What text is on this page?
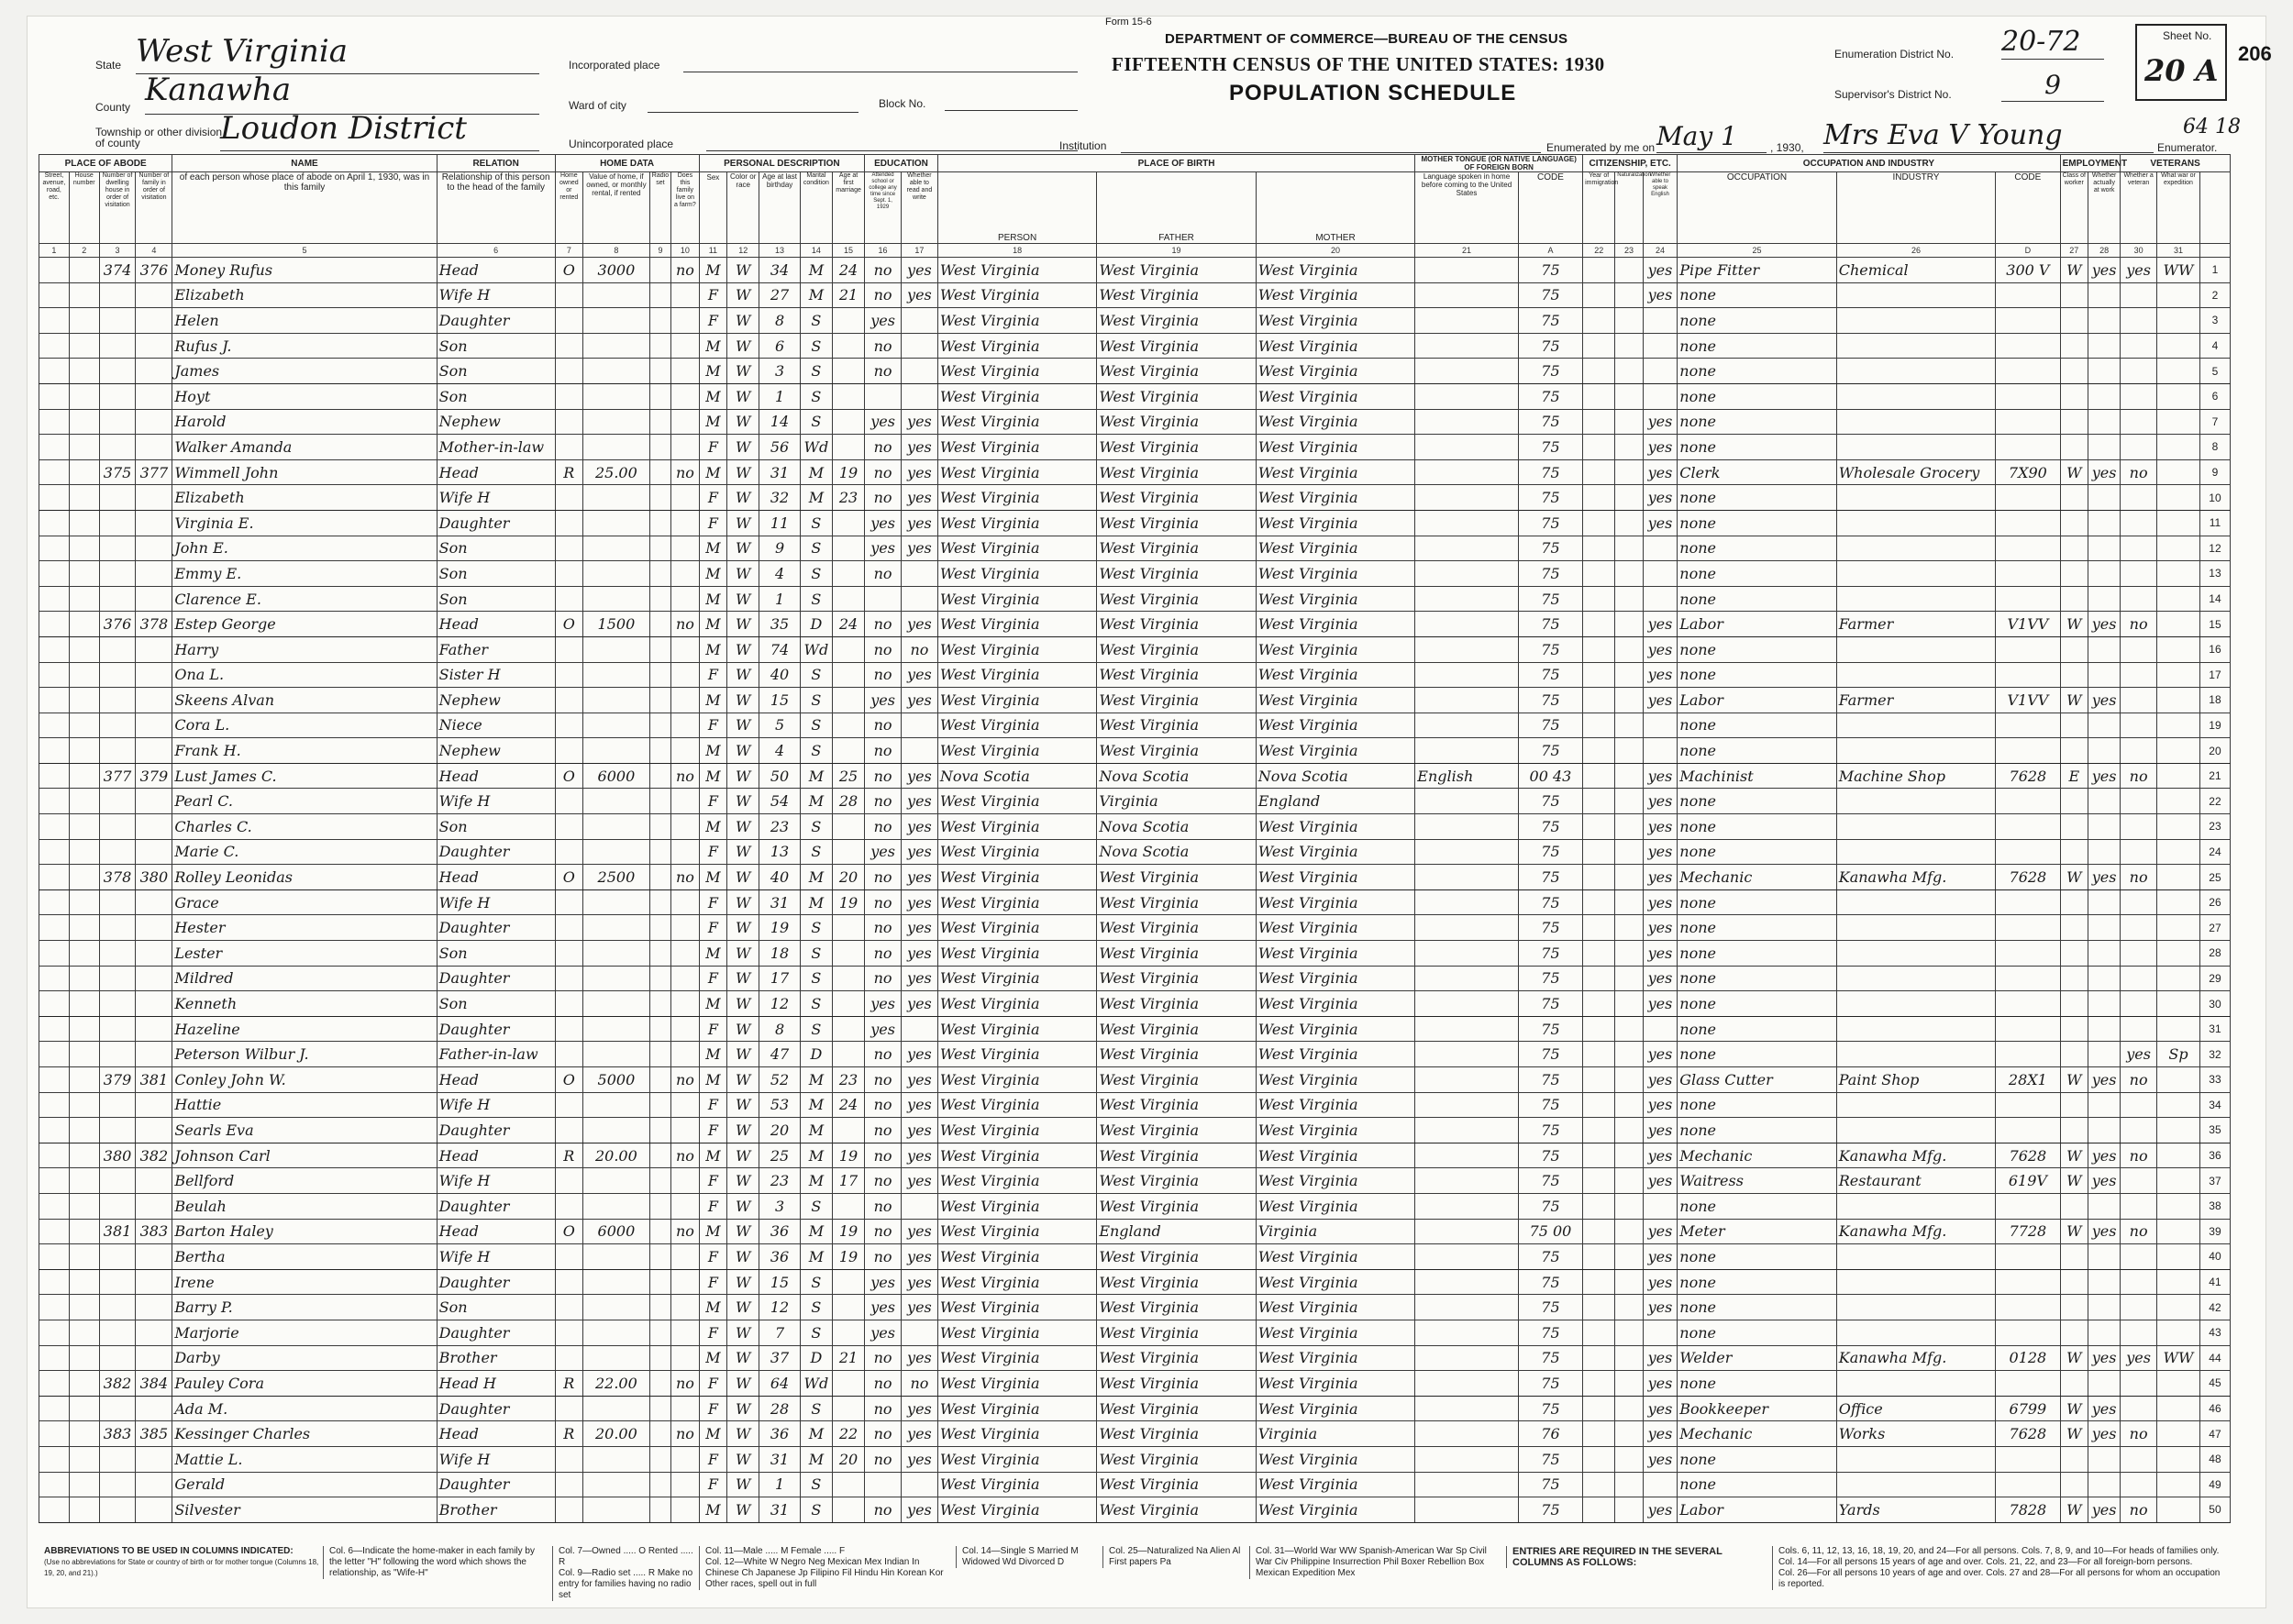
Form 15-6
DEPARTMENT OF COMMERCE—BUREAU OF THE CENSUS
FIFTEENTH CENSUS OF THE UNITED STATES: 1930
POPULATION SCHEDULE
206
State West Virginia
County Kanawha
Township or other division of county	Loudon District
Incorporated place
Ward of city	Block No.
Unincorporated place	Institution
Enumeration District No. 20-72
Supervisor's District No.	9
Sheet No.
20 A
Enumerated by me on May 1	, 1930, Mrs Eva V Young	Enumerator.
64 18
PLACE OF ABODE				NAME	RELATION	HOME DATA				PERSONAL DESCRIPTION					EDUCATION		PLACE OF BIRTH			MOTHER TONGUE (OR NATIVE LANGUAGE) OF FOREIGN BORN		CITIZENSHIP, ETC.			OCCUPATION AND INDUSTRY			EMPLOYMENT		VETERANS		
Street, avenue, road, etc.	House number	Number of dwelling house in order of visitation	Number of family in order of visitation	of each person whose place of abode on April 1, 1930, was in this family	Relationship of this person to the head of the family	Home owned or rented	Value of home, if owned, or monthly rental, if rented	Radio set	Does this family live on a farm?	Sex	Color or race	Age at last birthday	Marital condition	Age at first marriage	Attended school or college any time since Sept. 1, 1929	Whether able to read and write	PERSON	FATHER	MOTHER	Language spoken in home before coming to the United States	CODE	Year of immigration	Naturalization	Whether able to speak English	OCCUPATION	INDUSTRY	CODE	Class of worker	Whether actually at work	Whether a veteran	What war or expedition	
1	2	3	4	5	6	7	8	9	10	11	12	13	14	15	16	17	18	19	20	21	A	22	23	24	25	26	D	27	28	30	31	
		374	376	Money Rufus	Head	O	3000		no	M	W	34	M	24	no	yes	West Virginia	West Virginia	West Virginia		75			yes	Pipe Fitter	Chemical	300 V	W	yes	yes	WW	1
				Elizabeth	Wife H					F	W	27	M	21	no	yes	West Virginia	West Virginia	West Virginia		75			yes	none							2
				Helen	Daughter					F	W	8	S		yes		West Virginia	West Virginia	West Virginia		75				none							3
				Rufus J.	Son					M	W	6	S		no		West Virginia	West Virginia	West Virginia		75				none							4
				James	Son					M	W	3	S		no		West Virginia	West Virginia	West Virginia		75				none							5
				Hoyt	Son					M	W	1	S				West Virginia	West Virginia	West Virginia		75				none							6
				Harold	Nephew					M	W	14	S		yes	yes	West Virginia	West Virginia	West Virginia		75			yes	none							7
				Walker Amanda	Mother-in-law					F	W	56	Wd		no	yes	West Virginia	West Virginia	West Virginia		75			yes	none							8
		375	377	Wimmell John	Head	R	25.00		no	M	W	31	M	19	no	yes	West Virginia	West Virginia	West Virginia		75			yes	Clerk	Wholesale Grocery	7X90	W	yes	no		9
				Elizabeth	Wife H					F	W	32	M	23	no	yes	West Virginia	West Virginia	West Virginia		75			yes	none							10
				Virginia E.	Daughter					F	W	11	S		yes	yes	West Virginia	West Virginia	West Virginia		75			yes	none							11
				John E.	Son					M	W	9	S		yes	yes	West Virginia	West Virginia	West Virginia		75				none							12
				Emmy E.	Son					M	W	4	S		no		West Virginia	West Virginia	West Virginia		75				none							13
				Clarence E.	Son					M	W	1	S				West Virginia	West Virginia	West Virginia		75				none							14
		376	378	Estep George	Head	O	1500		no	M	W	35	D	24	no	yes	West Virginia	West Virginia	West Virginia		75			yes	Labor	Farmer	V1VV	W	yes	no		15
				Harry	Father					M	W	74	Wd		no	no	West Virginia	West Virginia	West Virginia		75			yes	none							16
				Ona L.	Sister H					F	W	40	S		no	yes	West Virginia	West Virginia	West Virginia		75			yes	none							17
				Skeens Alvan	Nephew					M	W	15	S		yes	yes	West Virginia	West Virginia	West Virginia		75			yes	Labor	Farmer	V1VV	W	yes			18
				Cora L.	Niece					F	W	5	S		no		West Virginia	West Virginia	West Virginia		75				none							19
				Frank H.	Nephew					M	W	4	S		no		West Virginia	West Virginia	West Virginia		75				none							20
		377	379	Lust James C.	Head	O	6000		no	M	W	50	M	25	no	yes	Nova Scotia	Nova Scotia	Nova Scotia	English	00 43			yes	Machinist	Machine Shop	7628	E	yes	no		21
				Pearl C.	Wife H					F	W	54	M	28	no	yes	West Virginia	Virginia	England		75			yes	none							22
				Charles C.	Son					M	W	23	S		no	yes	West Virginia	Nova Scotia	West Virginia		75			yes	none							23
				Marie C.	Daughter					F	W	13	S		yes	yes	West Virginia	Nova Scotia	West Virginia		75			yes	none							24
		378	380	Rolley Leonidas	Head	O	2500		no	M	W	40	M	20	no	yes	West Virginia	West Virginia	West Virginia		75			yes	Mechanic	Kanawha Mfg.	7628	W	yes	no		25
				Grace	Wife H					F	W	31	M	19	no	yes	West Virginia	West Virginia	West Virginia		75			yes	none							26
				Hester	Daughter					F	W	19	S		no	yes	West Virginia	West Virginia	West Virginia		75			yes	none							27
				Lester	Son					M	W	18	S		no	yes	West Virginia	West Virginia	West Virginia		75			yes	none							28
				Mildred	Daughter					F	W	17	S		no	yes	West Virginia	West Virginia	West Virginia		75			yes	none							29
				Kenneth	Son					M	W	12	S		yes	yes	West Virginia	West Virginia	West Virginia		75			yes	none							30
				Hazeline	Daughter					F	W	8	S		yes		West Virginia	West Virginia	West Virginia		75				none							31
				Peterson Wilbur J.	Father-in-law					M	W	47	D		no	yes	West Virginia	West Virginia	West Virginia		75			yes	none					yes	Sp	32
		379	381	Conley John W.	Head	O	5000		no	M	W	52	M	23	no	yes	West Virginia	West Virginia	West Virginia		75			yes	Glass Cutter	Paint Shop	28X1	W	yes	no		33
				Hattie	Wife H					F	W	53	M	24	no	yes	West Virginia	West Virginia	West Virginia		75			yes	none							34
				Searls Eva	Daughter					F	W	20	M		no	yes	West Virginia	West Virginia	West Virginia		75			yes	none							35
		380	382	Johnson Carl	Head	R	20.00		no	M	W	25	M	19	no	yes	West Virginia	West Virginia	West Virginia		75			yes	Mechanic	Kanawha Mfg.	7628	W	yes	no		36
				Bellford	Wife H					F	W	23	M	17	no	yes	West Virginia	West Virginia	West Virginia		75			yes	Waitress	Restaurant	619V	W	yes			37
				Beulah	Daughter					F	W	3	S		no		West Virginia	West Virginia	West Virginia		75				none							38
		381	383	Barton Haley	Head	O	6000		no	M	W	36	M	19	no	yes	West Virginia	England	Virginia		75 00			yes	Meter	Kanawha Mfg.	7728	W	yes	no		39
				Bertha	Wife H					F	W	36	M	19	no	yes	West Virginia	West Virginia	West Virginia		75			yes	none							40
				Irene	Daughter					F	W	15	S		yes	yes	West Virginia	West Virginia	West Virginia		75			yes	none							41
				Barry P.	Son					M	W	12	S		yes	yes	West Virginia	West Virginia	West Virginia		75			yes	none							42
				Marjorie	Daughter					F	W	7	S		yes		West Virginia	West Virginia	West Virginia		75				none							43
				Darby	Brother					M	W	37	D	21	no	yes	West Virginia	West Virginia	West Virginia		75			yes	Welder	Kanawha Mfg.	0128	W	yes	yes	WW	44
		382	384	Pauley Cora	Head H	R	22.00		no	F	W	64	Wd		no	no	West Virginia	West Virginia	West Virginia		75			yes	none							45
				Ada M.	Daughter					F	W	28	S		no	yes	West Virginia	West Virginia	West Virginia		75			yes	Bookkeeper	Office	6799	W	yes			46
		383	385	Kessinger Charles	Head	R	20.00		no	M	W	36	M	22	no	yes	West Virginia	West Virginia	Virginia		76			yes	Mechanic	Works	7628	W	yes	no		47
				Mattie L.	Wife H					F	W	31	M	20	no	yes	West Virginia	West Virginia	West Virginia		75			yes	none							48
				Gerald	Daughter					F	W	1	S				West Virginia	West Virginia	West Virginia		75				none							49
				Silvester	Brother					M	W	31	S		no	yes	West Virginia	West Virginia	West Virginia		75			yes	Labor	Yards	7828	W	yes	no		50
ABBREVIATIONS TO BE USED IN COLUMNS INDICATED:
(Use no abbreviations for State or country of birth or for mother tongue (Columns 18, 19, 20, and 21).)
Col. 6—Indicate the home-maker in each family by the letter "H" following the word which shows the relationship, as "Wife-H"
Col. 7—Owned ..... O Rented ..... R
Col. 9—Radio set ..... R Make no entry for families having no radio set
Col. 11—Male ..... M Female ..... F
Col. 12—White W Negro Neg Mexican Mex Indian In Chinese Ch Japanese Jp Filipino Fil Hindu Hin Korean Kor Other races, spell out in full
Col. 14—Single S Married M Widowed Wd Divorced D
Col. 25—Naturalized Na Alien Al First papers Pa
Col. 31—World War WW Spanish-American War Sp Civil War Civ Philippine Insurrection Phil Boxer Rebellion Box Mexican Expedition Mex
ENTRIES ARE REQUIRED IN THE SEVERAL COLUMNS AS FOLLOWS:
Cols. 6, 11, 12, 13, 16, 18, 19, 20, and 24—For all persons. Cols. 7, 8, 9, and 10—For heads of families only.
Col. 14—For all persons 15 years of age and over. Cols. 21, 22, and 23—For all foreign-born persons.
Col. 26—For all persons 10 years of age and over. Cols. 27 and 28—For all persons for whom an occupation is reported.
